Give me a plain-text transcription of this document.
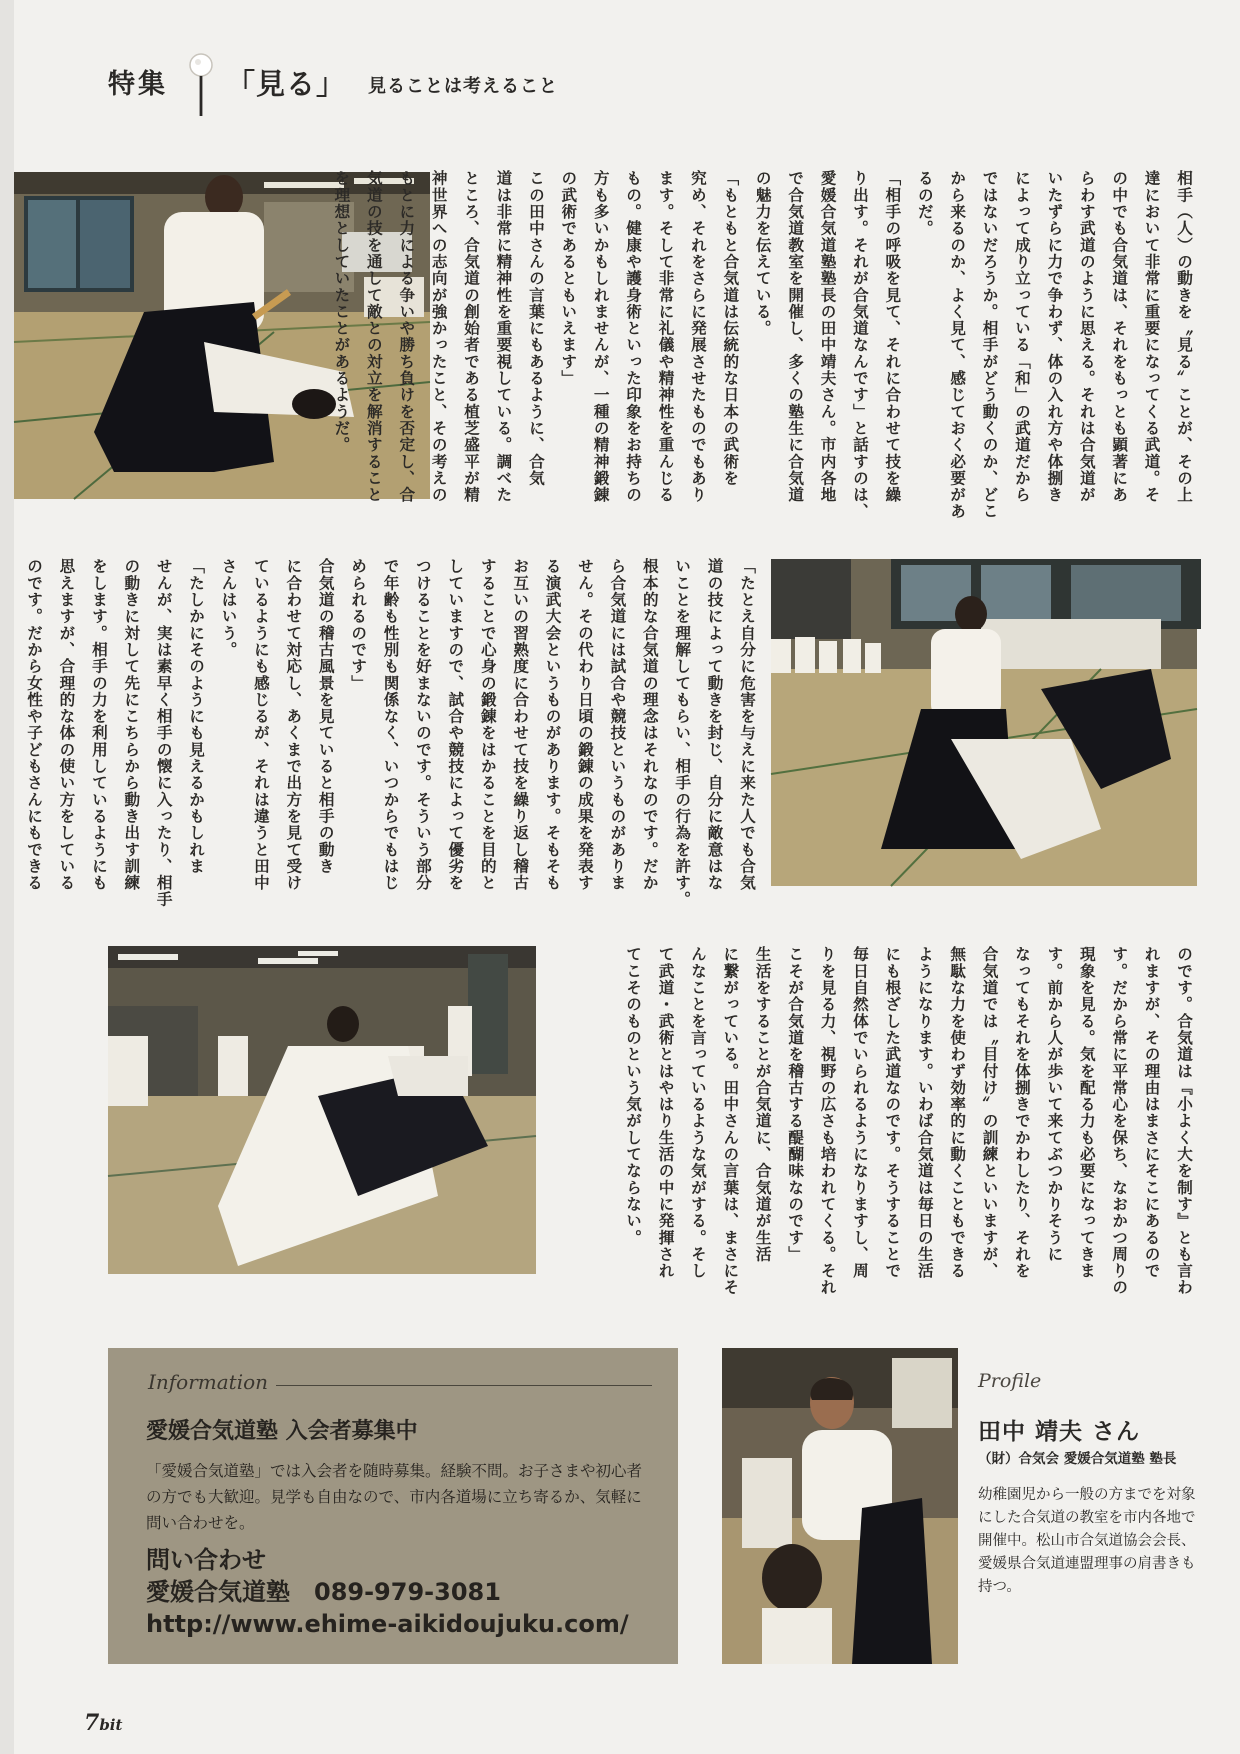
特集 「見る」 見ることは考えること
相手（人）の動きを〝見る〟ことが、その上
達において非常に重要になってくる武道。そ
の中でも合気道は、それをもっとも顕著にあ
らわす武道のように思える。それは合気道が
いたずらに力で争わず、体の入れ方や体捌き
によって成り立っている「和」の武道だから
ではないだろうか。相手がどう動くのか、どこ
から来るのか、よく見て、感じておく必要があ
るのだ。
「相手の呼吸を見て、それに合わせて技を繰
り出す。それが合気道なんです」と話すのは、
愛媛合気道塾塾長の田中靖夫さん。市内各地
で合気道教室を開催し、多くの塾生に合気道
の魅力を伝えている。
「もともと合気道は伝統的な日本の武術を
究め、それをさらに発展させたものでもあり
ます。そして非常に礼儀や精神性を重んじる
もの。健康や護身術といった印象をお持ちの
方も多いかもしれませんが、一種の精神鍛錬
の武術であるともいえます」
この田中さんの言葉にもあるように、合気
道は非常に精神性を重要視している。調べた
ところ、合気道の創始者である植芝盛平が精
神世界への志向が強かったこと、その考えの
もとに力による争いや勝ち負けを否定し、合
気道の技を通して敵との対立を解消すること
を理想としていたことがあるようだ。
「たとえ自分に危害を与えに来た人でも合気
道の技によって動きを封じ、自分に敵意はな
いことを理解してもらい、相手の行為を許す。
根本的な合気道の理念はそれなのです。だか
ら合気道には試合や競技というものがありま
せん。その代わり日頃の鍛錬の成果を発表す
る演武大会というものがあります。そもそも
お互いの習熟度に合わせて技を繰り返し稽古
することで心身の鍛錬をはかることを目的と
していますので、試合や競技によって優劣を
つけることを好まないのです。そういう部分
で年齢も性別も関係なく、いつからでもはじ
められるのです」
合気道の稽古風景を見ていると相手の動き
に合わせて対応し、あくまで出方を見て受け
ているようにも感じるが、それは違うと田中
さんはいう。
「たしかにそのようにも見えるかもしれま
せんが、実は素早く相手の懐に入ったり、相手
の動きに対して先にこちらから動き出す訓練
をします。相手の力を利用しているようにも
思えますが、合理的な体の使い方をしている
のです。だから女性や子どもさんにもできる
のです。合気道は『小よく大を制す』とも言わ
れますが、その理由はまさにそこにあるので
す。だから常に平常心を保ち、なおかつ周りの
現象を見る。気を配る力も必要になってきま
す。前から人が歩いて来てぶつかりそうに
なってもそれを体捌きでかわしたり、それを
合気道では〝目付け〟の訓練といいますが、
無駄な力を使わず効率的に動くこともできる
ようになります。いわば合気道は毎日の生活
にも根ざした武道なのです。そうすることで
毎日自然体でいられるようになりますし、周
りを見る力、視野の広さも培われてくる。それ
こそが合気道を稽古する醍醐味なのです」
生活をすることが合気道に、合気道が生活
に繋がっている。田中さんの言葉は、まさにそ
んなことを言っているような気がする。そし
て武道・武術とはやはり生活の中に発揮され
てこそのものという気がしてならない。
Information
愛媛合気道塾 入会者募集中
「愛媛合気道塾」では入会者を随時募集。経験不問。お子さまや初心者の方でも大歓迎。見学も自由なので、市内各道場に立ち寄るか、気軽に問い合わせを。
問い合わせ
愛媛合気道塾　089-979-3081
http://www.ehime-aikidoujuku.com/
Profile
田中 靖夫 さん
（財）合気会 愛媛合気道塾 塾長
幼稚園児から一般の方までを対象にした合気道の教室を市内各地で開催中。松山市合気道協会会長、愛媛県合気道連盟理事の肩書きも持つ。
7bit
